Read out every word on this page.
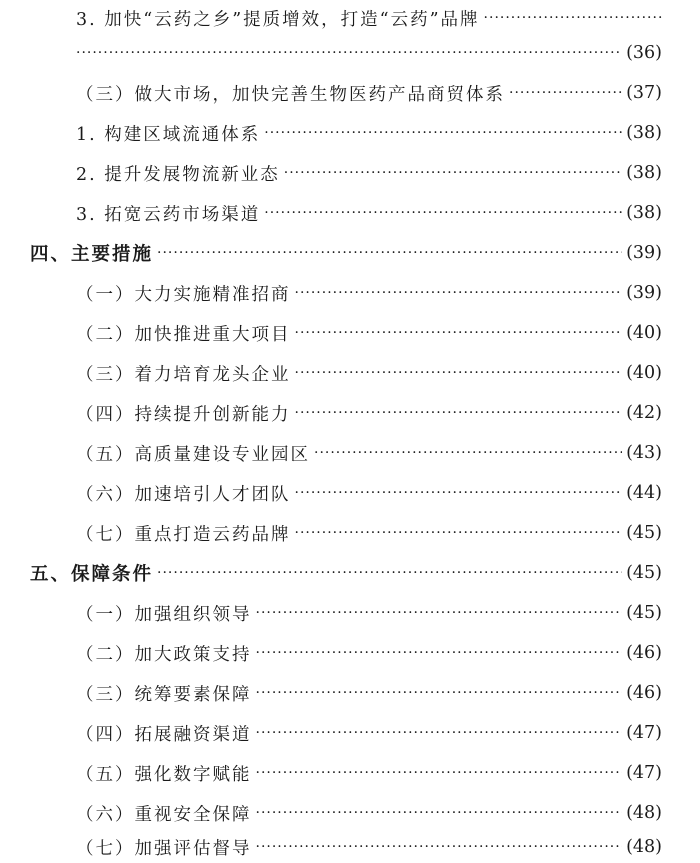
3. 加快“云药之乡”提质增效，打造“云药”品牌
·····
·····
(36)
（三）做大市场，加快完善生物医药产品商贸体系 ·····	(37)
1. 构建区域流通体系 ·····	(38)
2. 提升发展物流新业态 ·····	(38)
3. 拓宽云药市场渠道 ·····	(38)
四、主要措施 ·····	(39)
（一）大力实施精准招商 ·····	(39)
（二）加快推进重大项目 ·····	(40)
（三）着力培育龙头企业 ·····	(40)
（四）持续提升创新能力 ·····	(42)
（五）高质量建设专业园区 ·····	(43)
（六）加速培引人才团队 ·····	(44)
（七）重点打造云药品牌 ·····	(45)
五、保障条件 ·····	(45)
（一）加强组织领导 ·····	(45)
（二）加大政策支持 ·····	(46)
（三）统筹要素保障 ·····	(46)
（四）拓展融资渠道 ·····	(47)
（五）强化数字赋能 ·····	(47)
（六）重视安全保障 ·····	(48)
（七）加强评估督导 ·····	(48)
